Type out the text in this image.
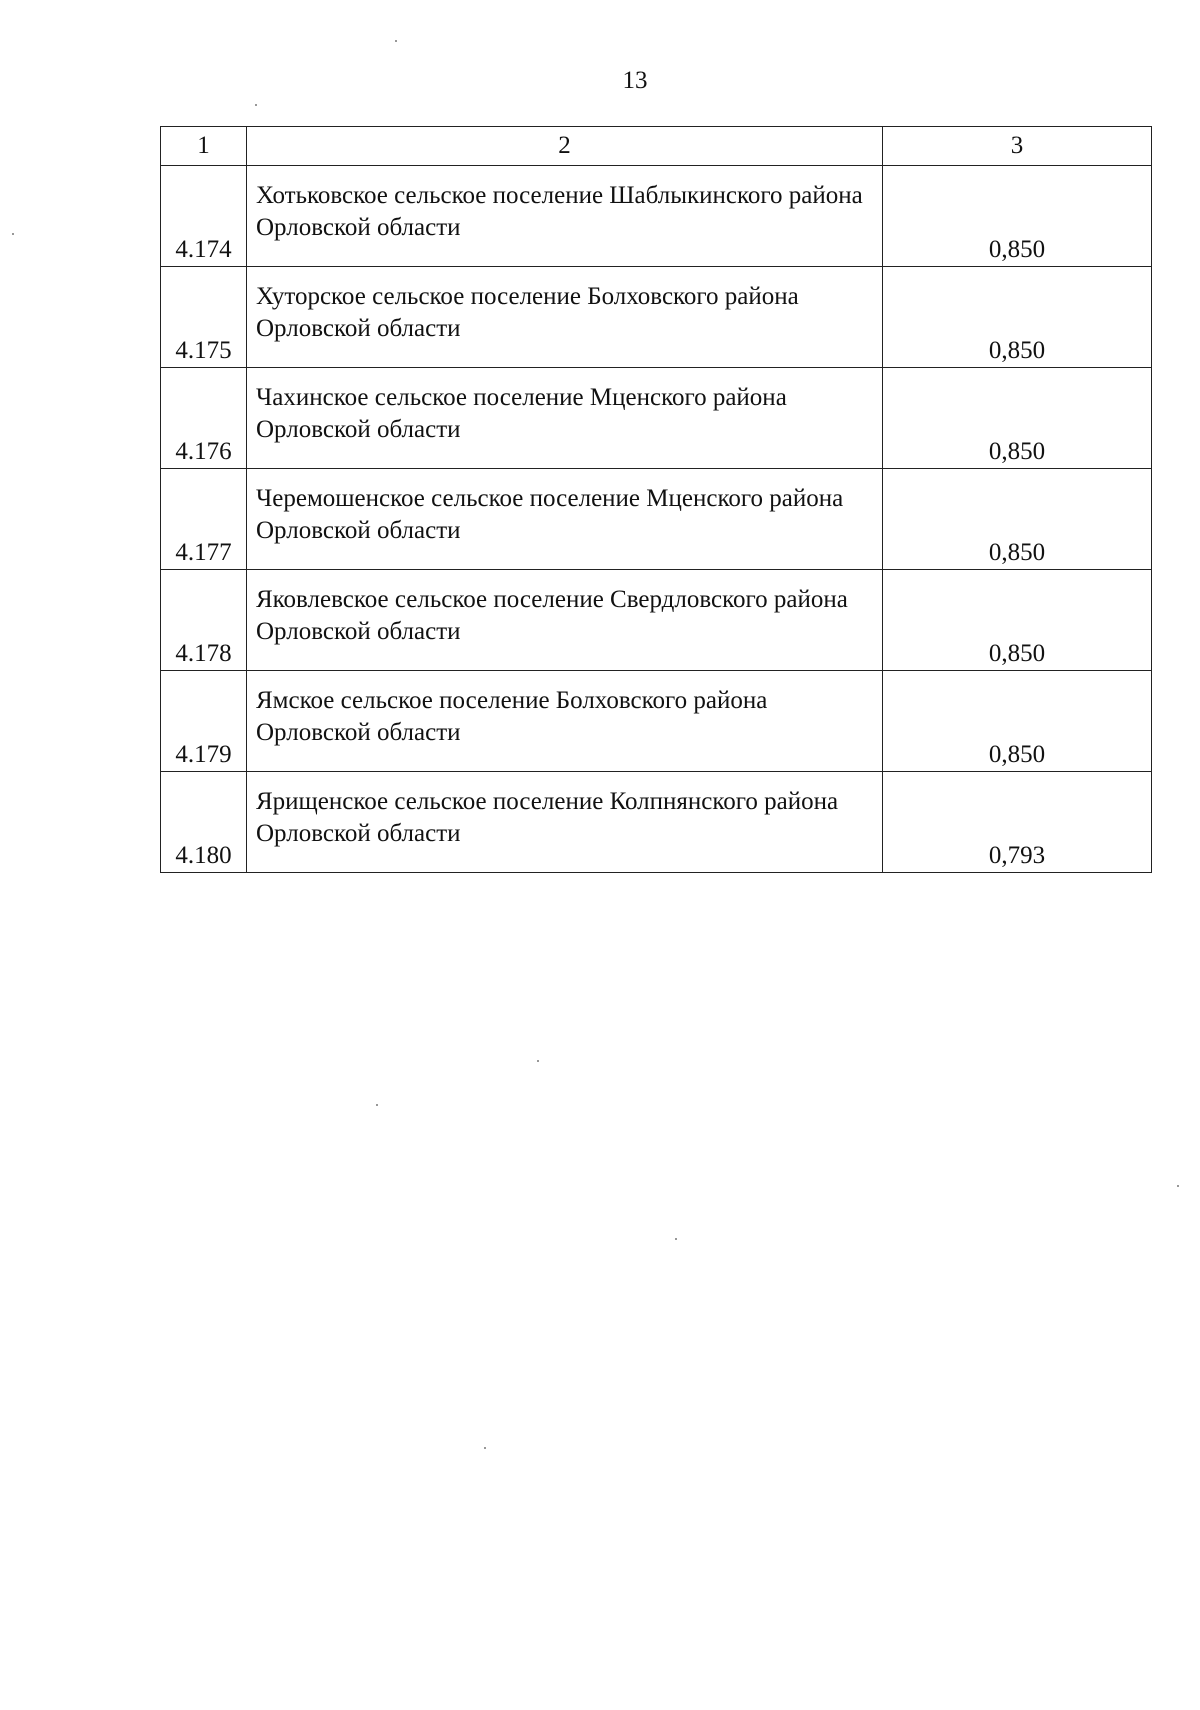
13
1	2	3
4.174	Хотьковское сельское поселение Шаблыкинского района Орловской области	0,850
4.175	Хуторское сельское поселение Болховского района Орловской области	0,850
4.176	Чахинское сельское поселение Мценского района Орловской области	0,850
4.177	Черемошенское сельское поселение Мценского района Орловской области	0,850
4.178	Яковлевское сельское поселение Свердловского района Орловской области	0,850
4.179	Ямское сельское поселение Болховского района Орловской области	0,850
4.180	Ярищенское сельское поселение Колпнянского района Орловской области	0,793
